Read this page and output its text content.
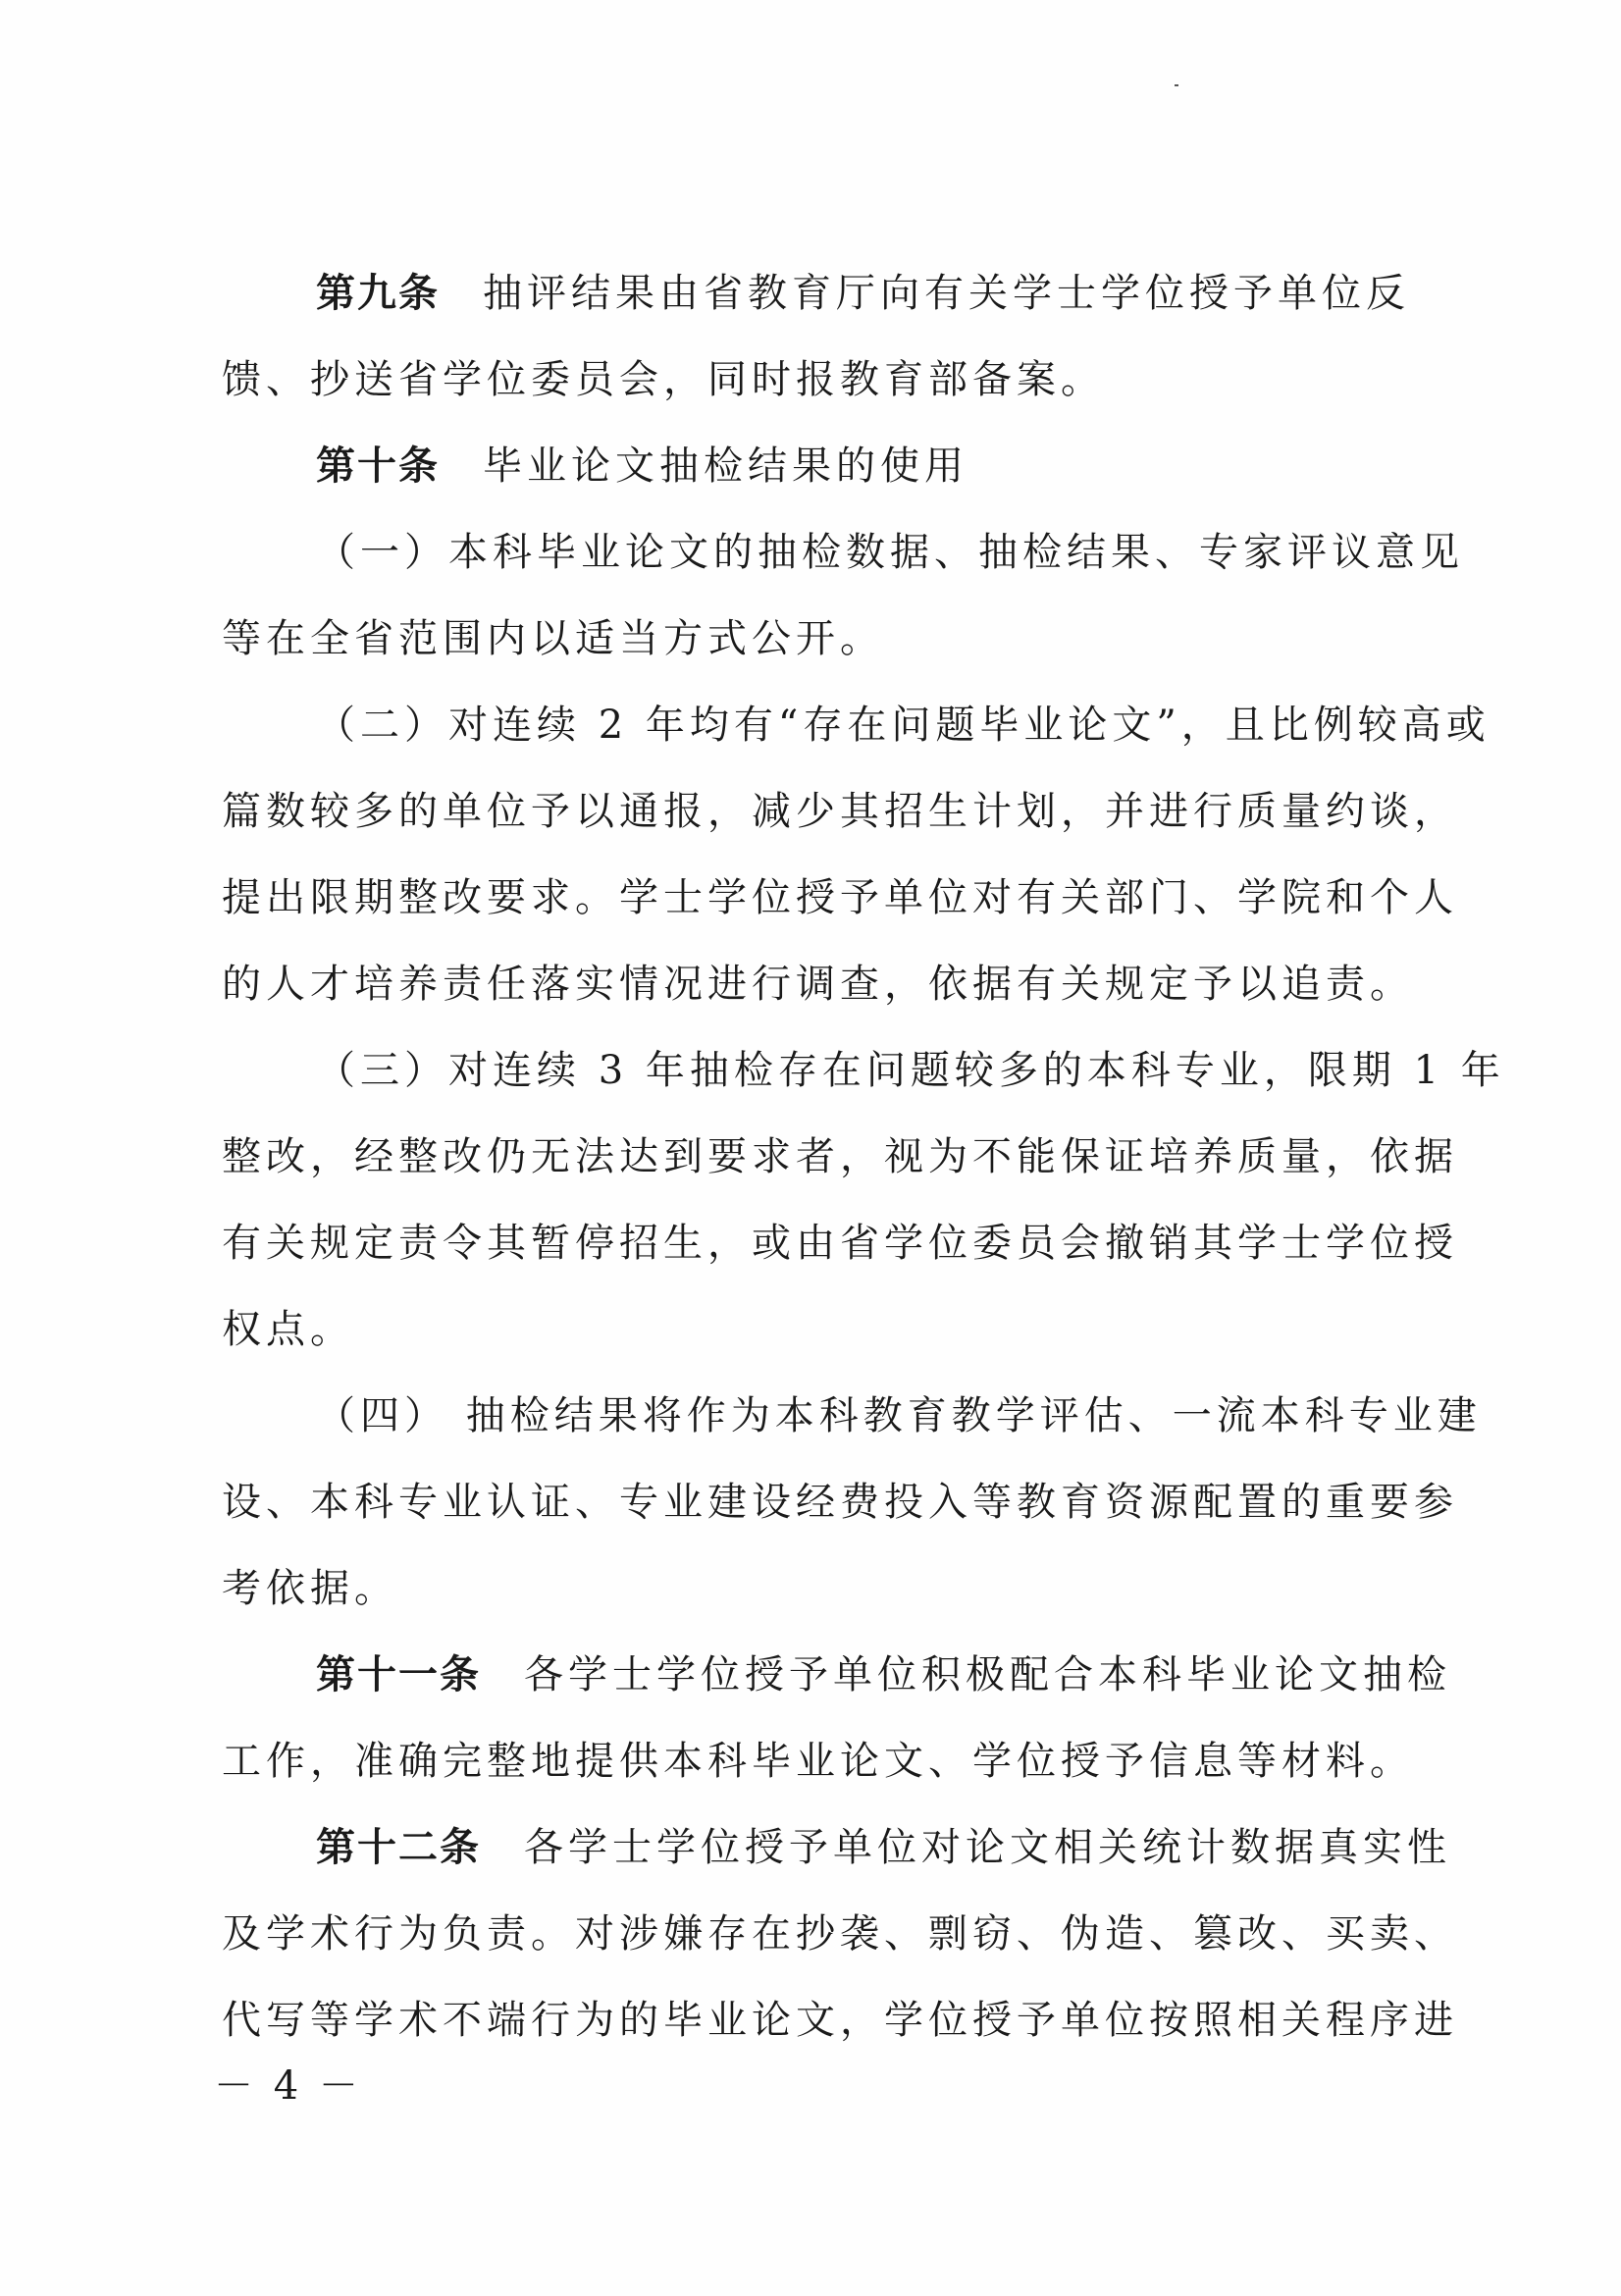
第九条 抽评结果由省教育厅向有关学士学位授予单位反
馈、抄送省学位委员会，同时报教育部备案。
第十条 毕业论文抽检结果的使用
（一）本科毕业论文的抽检数据、抽检结果、专家评议意见
等在全省范围内以适当方式公开。
（二）对连续 2 年均有“存在问题毕业论文”，且比例较高或
篇数较多的单位予以通报，减少其招生计划，并进行质量约谈，
提出限期整改要求。学士学位授予单位对有关部门、学院和个人
的人才培养责任落实情况进行调查，依据有关规定予以追责。
（三）对连续 3 年抽检存在问题较多的本科专业，限期 1 年
整改，经整改仍无法达到要求者，视为不能保证培养质量，依据
有关规定责令其暂停招生，或由省学位委员会撤销其学士学位授
权点。
（四） 抽检结果将作为本科教育教学评估、一流本科专业建
设、本科专业认证、专业建设经费投入等教育资源配置的重要参
考依据。
第十一条 各学士学位授予单位积极配合本科毕业论文抽检
工作，准确完整地提供本科毕业论文、学位授予信息等材料。
第十二条 各学士学位授予单位对论文相关统计数据真实性
及学术行为负责。对涉嫌存在抄袭、剽窃、伪造、篡改、买卖、
代写等学术不端行为的毕业论文，学位授予单位按照相关程序进
－ 4 －
